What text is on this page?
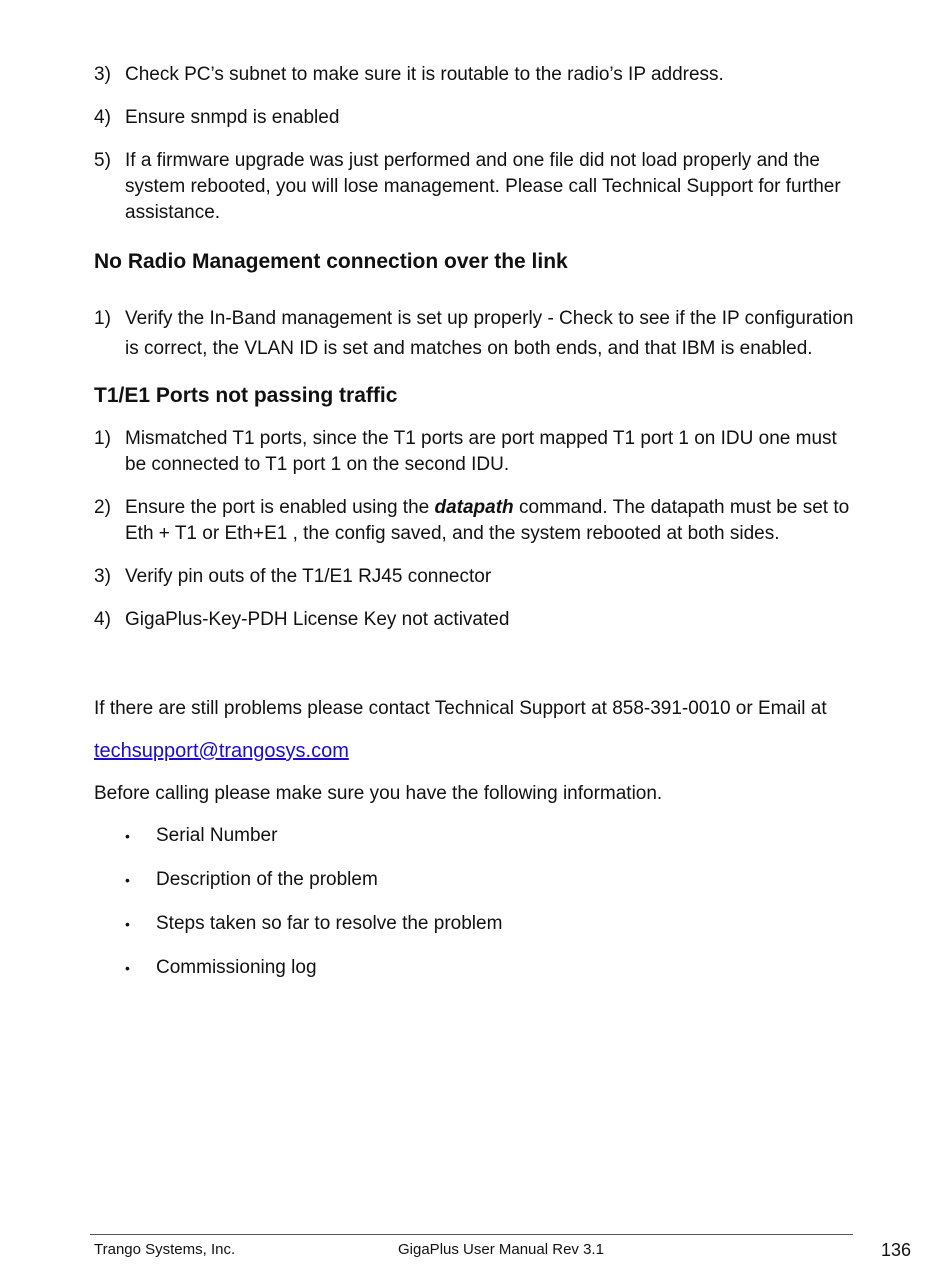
3) Check PC’s subnet to make sure it is routable to the radio’s IP address.
4) Ensure snmpd is enabled
5) If a firmware upgrade was just performed and one file did not load properly and the system rebooted, you will lose management. Please call Technical Support for further assistance.
No Radio Management connection over the link
1) Verify the In-Band management is set up properly - Check to see if the IP configuration is correct, the VLAN ID is set and matches on both ends, and that IBM is enabled.
T1/E1 Ports not passing traffic
1) Mismatched T1 ports, since the T1 ports are port mapped T1 port 1 on IDU one must be connected to T1 port 1 on the second IDU.
2) Ensure the port is enabled using the datapath command. The datapath must be set to Eth + T1 or Eth+E1 , the config saved, and the system rebooted at both sides.
3) Verify pin outs of the T1/E1 RJ45 connector
4) GigaPlus-Key-PDH License Key not activated

If there are still problems please contact Technical Support at 858-391-0010 or Email at

techsupport@trangosys.com

Before calling please make sure you have the following information.

•	Serial Number
•	Description of the problem
•	Steps taken so far to resolve the problem
•	Commissioning log
Trango Systems, Inc.	GigaPlus User Manual Rev 3.1	136
